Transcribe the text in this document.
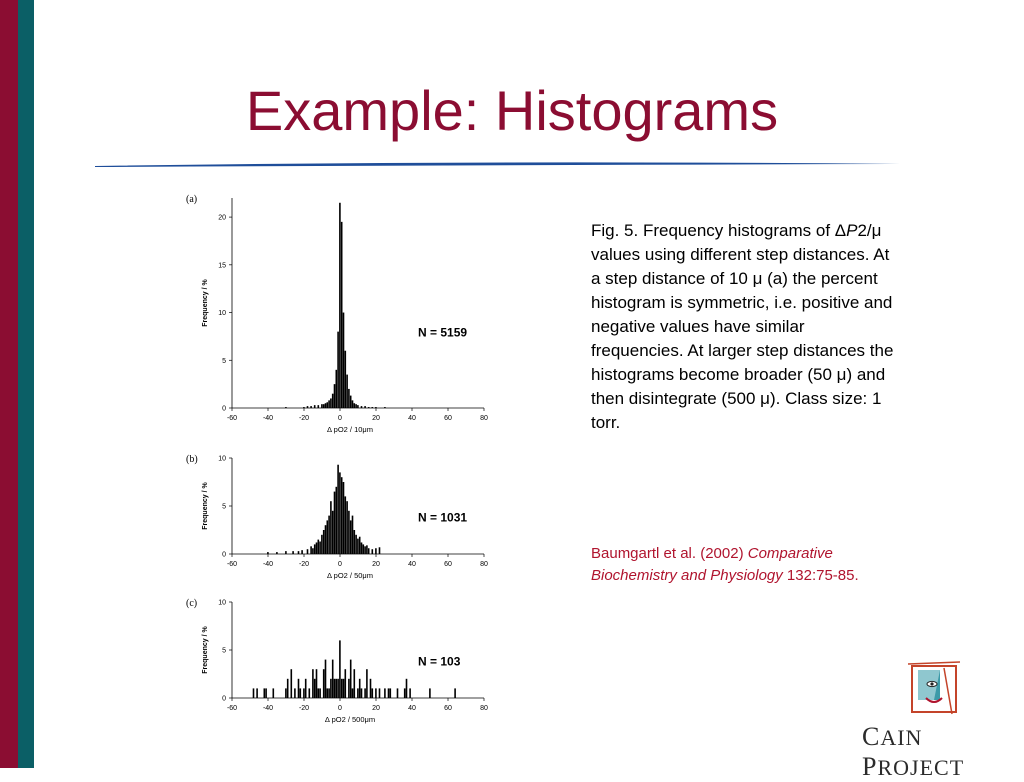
Example: Histograms
0
5
10
15
20
-60	-40	-20	0	20	40	60	80
(a)
Frequency / %
Δ pO2 / 10μm
N = 5159
0
5
10
-60	-40	-20	0	20	40	60	80
(b)
Frequency / %
Δ pO2 / 50μm
N = 1031
0
5
10
-60	-40	-20	0	20	40	60	80
(c)
Frequency / %
Δ pO2 / 500μm
N = 103
Fig. 5. Frequency histograms of ΔP2/μ values using different step distances. At a step distance of 10 μ (a) the percent histogram is symmetric, i.e. positive and negative values have similar frequencies. At larger step distances the histograms become broader (50 μ) and then disintegrate (500 μ). Class size: 1 torr.
Baumgartl et al. (2002) Comparative Biochemistry and Physiology 132:75-85.
CAIN PROJECT
